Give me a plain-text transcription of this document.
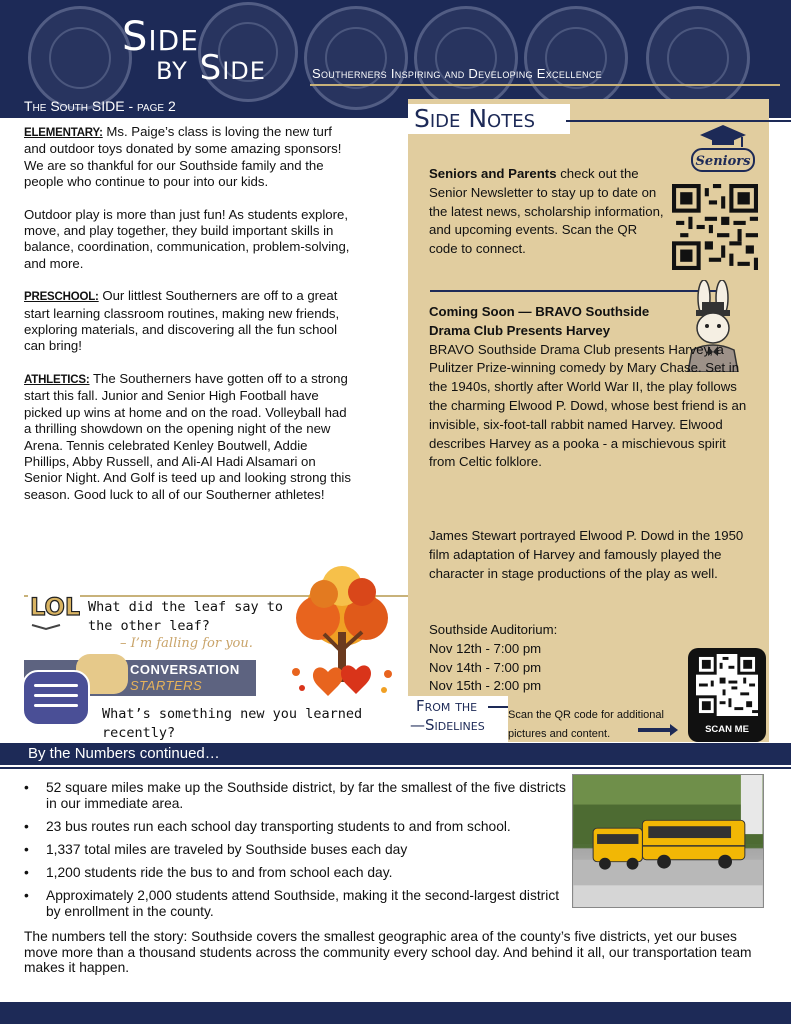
Side
by Side	Southerners Inspiring and Developing Excellence
The South SIDE - page 2

ELEMENTARY: Ms. Paige’s class is loving the new turf and outdoor toys donated by some amazing sponsors! We are so thankful for our Southside family and the people who continue to pour into our kids.

Outdoor play is more than just fun! As students explore, move, and play together, they build important skills in balance, coordination, communication, problem-solving, and more.

PRESCHOOL: Our littlest Southerners are off to a great start learning classroom routines, making new friends, exploring materials, and discovering all the fun school can bring!

ATHLETICS: The Southerners have gotten off to a strong start this fall. Junior and Senior High Football have picked up wins at home and on the road. Volleyball had a thrilling showdown on the opening night of the new Arena. Tennis celebrated Kenley Boutwell, Addie Phillips, Abby Russell, and Ali-Al Hadi Alsamari on Senior Night. And Golf is teed up and looking strong this season. Good luck to all of our Southerner athletes!

LOL What did the leaf say to the other leaf?
– I’m falling for you.
CONVERSATION
STARTERS
What’s something new you learned recently?
Side Notes
Seniors
Seniors and Parents check out the Senior Newsletter to stay up to date on the latest news, scholarship information, and upcoming events. Scan the QR code to connect.
Coming Soon — BRAVO Southside Drama Club Presents Harvey
BRAVO Southside Drama Club presents Harvey, a Pulitzer Prize-winning comedy by Mary Chase. Set in the 1940s, shortly after World War II, the play follows the charming Elwood P. Dowd, whose best friend is an invisible, six-foot-tall rabbit named Harvey. Elwood describes Harvey as a pooka - a mischievous spirit from Celtic folklore.
James Stewart portrayed Elwood P. Dowd in the 1950 film adaptation of Harvey and famously played the character in stage productions of the play as well.
Southside Auditorium:
Nov 12th - 7:00 pm
Nov 14th - 7:00 pm
Nov 15th - 2:00 pm
From the
—Sidelines
Scan the QR code for additional pictures and content.	SCAN ME
By the Numbers continued…
• 52 square miles make up the Southside district, by far the smallest of the five districts in our immediate area.
• 23 bus routes run each school day transporting students to and from school.
• 1,337 total miles are traveled by Southside buses each day
• 1,200 students ride the bus to and from school each day.
• Approximately 2,000 students attend Southside, making it the second-largest district by enrollment in the county.
The numbers tell the story: Southside covers the smallest geographic area of the county’s five districts, yet our buses move more than a thousand students across the community every school day. And behind it all, our transportation team makes it happen.
